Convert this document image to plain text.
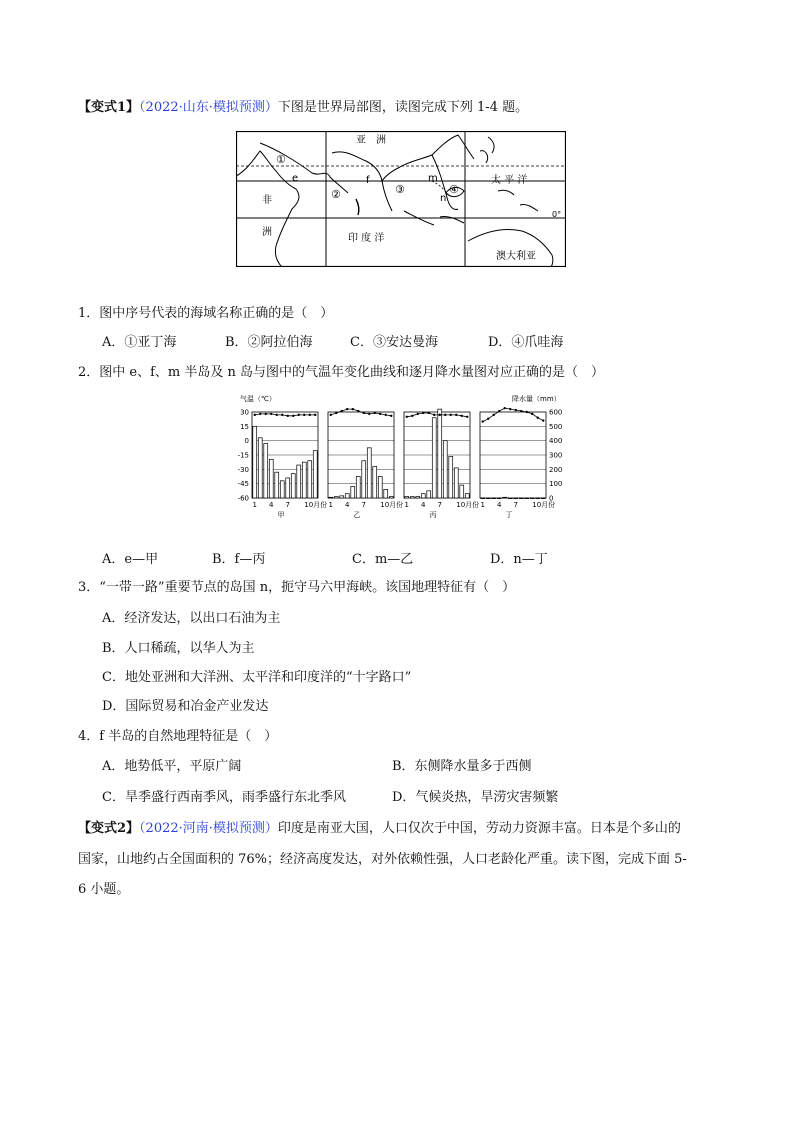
【变式1】（2022·山东·模拟预测）下图是世界局部图，读图完成下列 1-4 题。
亚　洲
太 平 洋
非
洲
印 度 洋
澳大利亚
①
②	③	④
e	f	m
n
0°
1．图中序号代表的海域名称正确的是（　）
A．①亚丁海	B．②阿拉伯海	C．③安达曼海	D．④爪哇海
2．图中 e、f、m 半岛及 n 岛与图中的气温年变化曲线和逐月降水量图对应正确的是（　）
气温（℃）	降水量（mm）
30
15
0
-15
-30
-45
-60
600
500
400
300
200
100
0
1 4 7 10月份
甲
1 4 7 10月份
乙
1 4 7 10月份
丙
1 4 7 10月份
丁
A．e—甲	B．f—丙	C．m—乙	D．n—丁
3．“一带一路”重要节点的岛国 n，扼守马六甲海峡。该国地理特征有（　）
A．经济发达，以出口石油为主
B．人口稀疏，以华人为主
C．地处亚洲和大洋洲、太平洋和印度洋的“十字路口”
D．国际贸易和冶金产业发达
4．f 半岛的自然地理特征是（　）
A．地势低平，平原广阔	B．东侧降水量多于西侧
C．旱季盛行西南季风，雨季盛行东北季风	D．气候炎热，旱涝灾害频繁
【变式2】（2022·河南·模拟预测）印度是南亚大国，人口仅次于中国，劳动力资源丰富。日本是个多山的
国家，山地约占全国面积的 76%；经济高度发达，对外依赖性强，人口老龄化严重。读下图，完成下面 5-
6 小题。
